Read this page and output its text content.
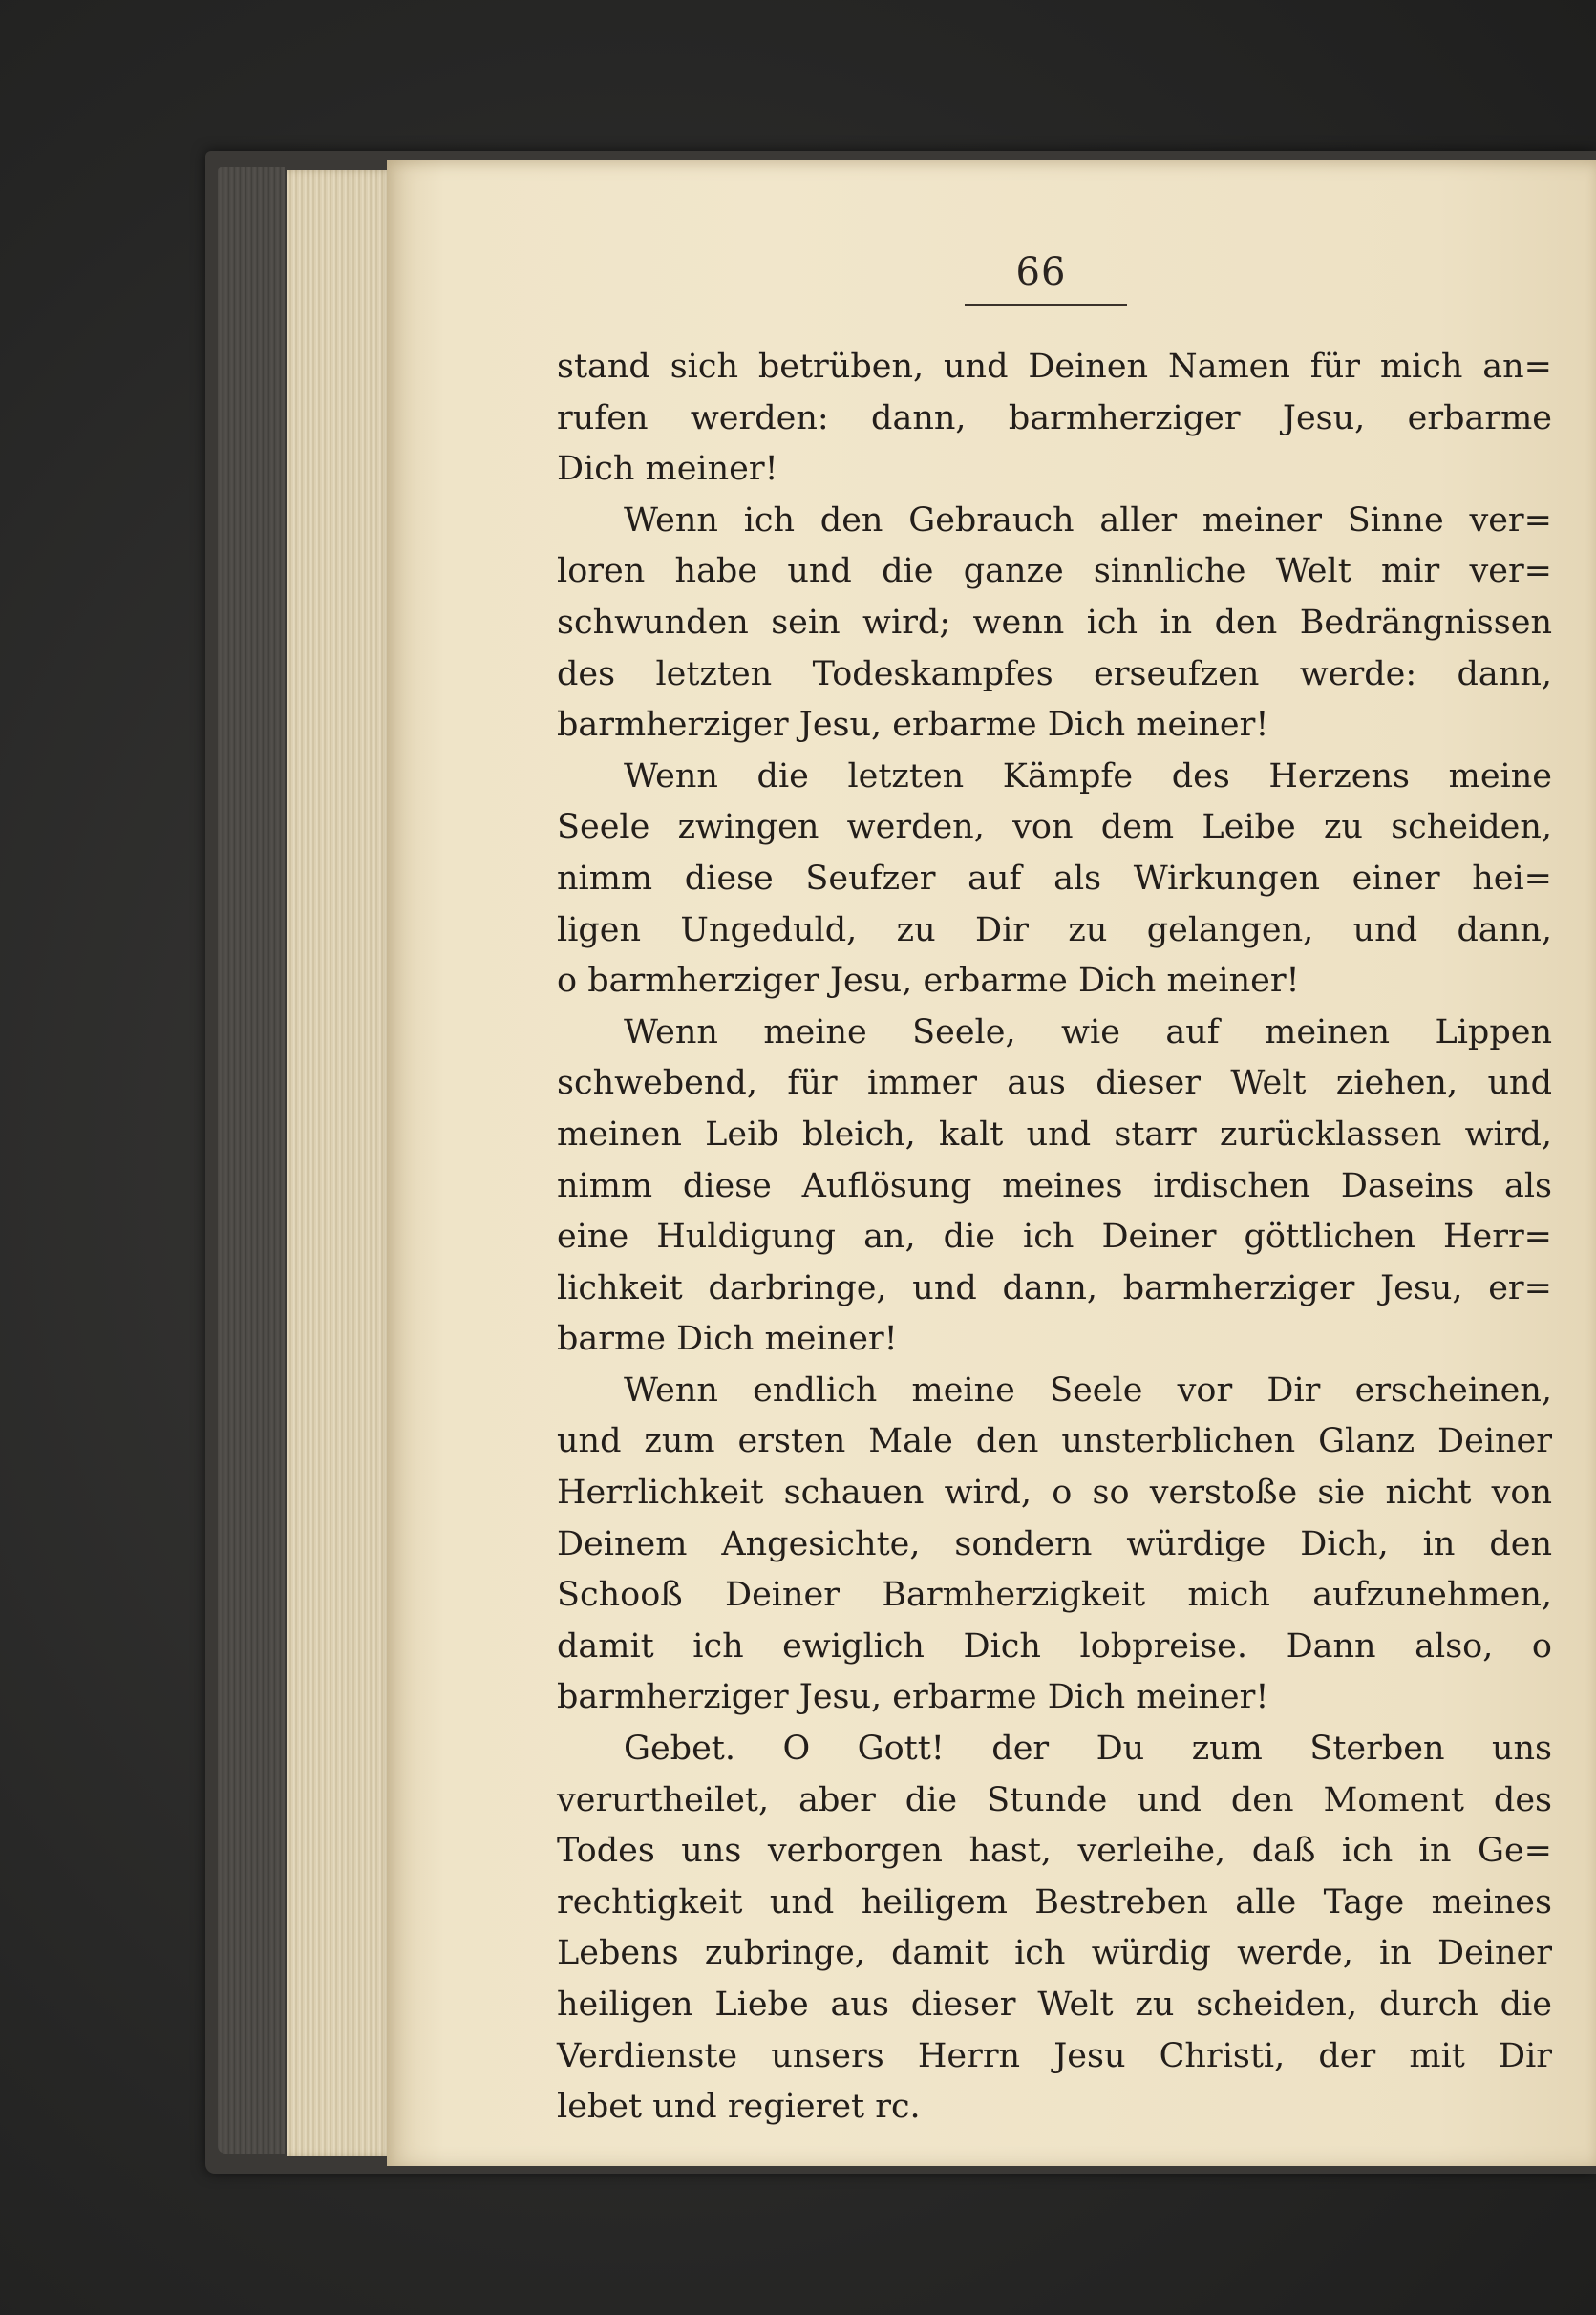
66
stand sich betrüben, und Deinen Namen für mich an=
rufen werden: dann, barmherziger Jesu, erbarme
Dich meiner!
Wenn ich den Gebrauch aller meiner Sinne ver=
loren habe und die ganze sinnliche Welt mir ver=
schwunden sein wird; wenn ich in den Bedrängnissen
des letzten Todeskampfes erseufzen werde: dann,
barmherziger Jesu, erbarme Dich meiner!
Wenn die letzten Kämpfe des Herzens meine
Seele zwingen werden, von dem Leibe zu scheiden,
nimm diese Seufzer auf als Wirkungen einer hei=
ligen Ungeduld, zu Dir zu gelangen, und dann,
o barmherziger Jesu, erbarme Dich meiner!
Wenn meine Seele, wie auf meinen Lippen
schwebend, für immer aus dieser Welt ziehen, und
meinen Leib bleich, kalt und starr zurücklassen wird,
nimm diese Auflösung meines irdischen Daseins als
eine Huldigung an, die ich Deiner göttlichen Herr=
lichkeit darbringe, und dann, barmherziger Jesu, er=
barme Dich meiner!
Wenn endlich meine Seele vor Dir erscheinen,
und zum ersten Male den unsterblichen Glanz Deiner
Herrlichkeit schauen wird, o so verstoße sie nicht von
Deinem Angesichte, sondern würdige Dich, in den
Schooß Deiner Barmherzigkeit mich aufzunehmen,
damit ich ewiglich Dich lobpreise. Dann also, o
barmherziger Jesu, erbarme Dich meiner!
Gebet. O Gott! der Du zum Sterben uns
verurtheilet, aber die Stunde und den Moment des
Todes uns verborgen hast, verleihe, daß ich in Ge=
rechtigkeit und heiligem Bestreben alle Tage meines
Lebens zubringe, damit ich würdig werde, in Deiner
heiligen Liebe aus dieser Welt zu scheiden, durch die
Verdienste unsers Herrn Jesu Christi, der mit Dir
lebet und regieret rc.
